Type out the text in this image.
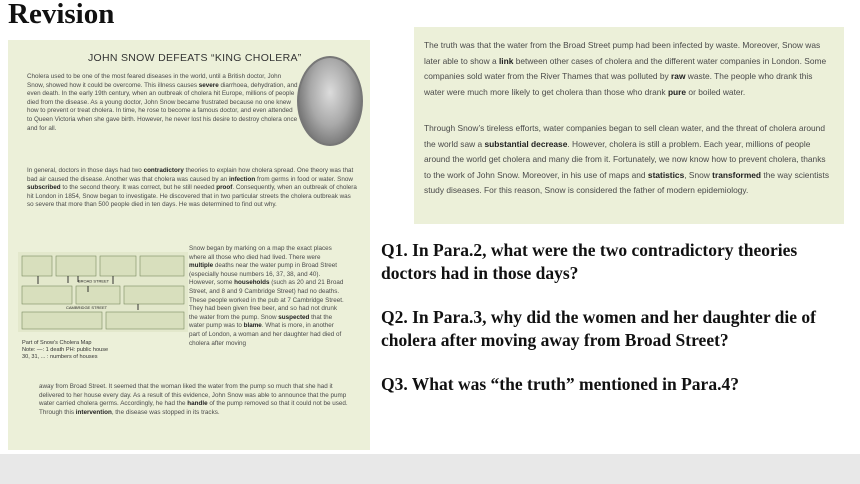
Revision
JOHN SNOW DEFEATS “KING CHOLERA”

Cholera used to be one of the most feared diseases in the world, until a British doctor, John Snow, showed how it could be overcome. This illness causes severe diarrhoea, dehydration, and even death. In the early 19th century, when an outbreak of cholera hit Europe, millions of people died from the disease. As a young doctor, John Snow became frustrated because no one knew how to prevent or treat cholera. In time, he rose to become a famous doctor, and even attended to Queen Victoria when she gave birth. However, he never lost his desire to destroy cholera once and for all.

In general, doctors in those days had two contradictory theories to explain how cholera spread. One theory was that bad air caused the disease. Another was that cholera was caused by an infection from germs in food or water. Snow subscribed to the second theory. It was correct, but he still needed proof. Consequently, when an outbreak of cholera hit London in 1854, Snow began to investigate. He discovered that in two particular streets the cholera outbreak was so severe that more than 500 people died in ten days. He was determined to find out why.

BROAD STREET
CAMBRIDGE STREET
Part of Snow’s Cholera Map
Note: —: 1 death PH: public house
30, 31, ... : numbers of houses

Snow began by marking on a map the exact places where all those who died had lived. There were multiple deaths near the water pump in Broad Street (especially house numbers 16, 37, 38, and 40). However, some households (such as 20 and 21 Broad Street, and 8 and 9 Cambridge Street) had no deaths. These people worked in the pub at 7 Cambridge Street. They had been given free beer, and so had not drunk the water from the pump. Snow suspected that the water pump was to blame. What is more, in another part of London, a woman and her daughter had died of cholera after moving

away from Broad Street. It seemed that the woman liked the water from the pump so much that she had it delivered to her house every day. As a result of this evidence, John Snow was able to announce that the pump water carried cholera germs. Accordingly, he had the handle of the pump removed so that it could not be used. Through this intervention, the disease was stopped in its tracks.

The truth was that the water from the Broad Street pump had been infected by waste. Moreover, Snow was later able to show a link between other cases of cholera and the different water companies in London. Some companies sold water from the River Thames that was polluted by raw waste. The people who drank this water were much more likely to get cholera than those who drank pure or boiled water.

Through Snow’s tireless efforts, water companies began to sell clean water, and the threat of cholera around the world saw a substantial decrease. However, cholera is still a problem. Each year, millions of people around the world get cholera and many die from it. Fortunately, we now know how to prevent cholera, thanks to the work of John Snow. Moreover, in his use of maps and statistics, Snow transformed the way scientists study diseases. For this reason, Snow is considered the father of modern epidemiology.

Q1. In Para.2, what were the two contradictory theories doctors had in those days?

Q2. In Para.3, why did the women and her daughter die of cholera after moving away from Broad Street?

Q3. What was “the truth” mentioned in Para.4?
